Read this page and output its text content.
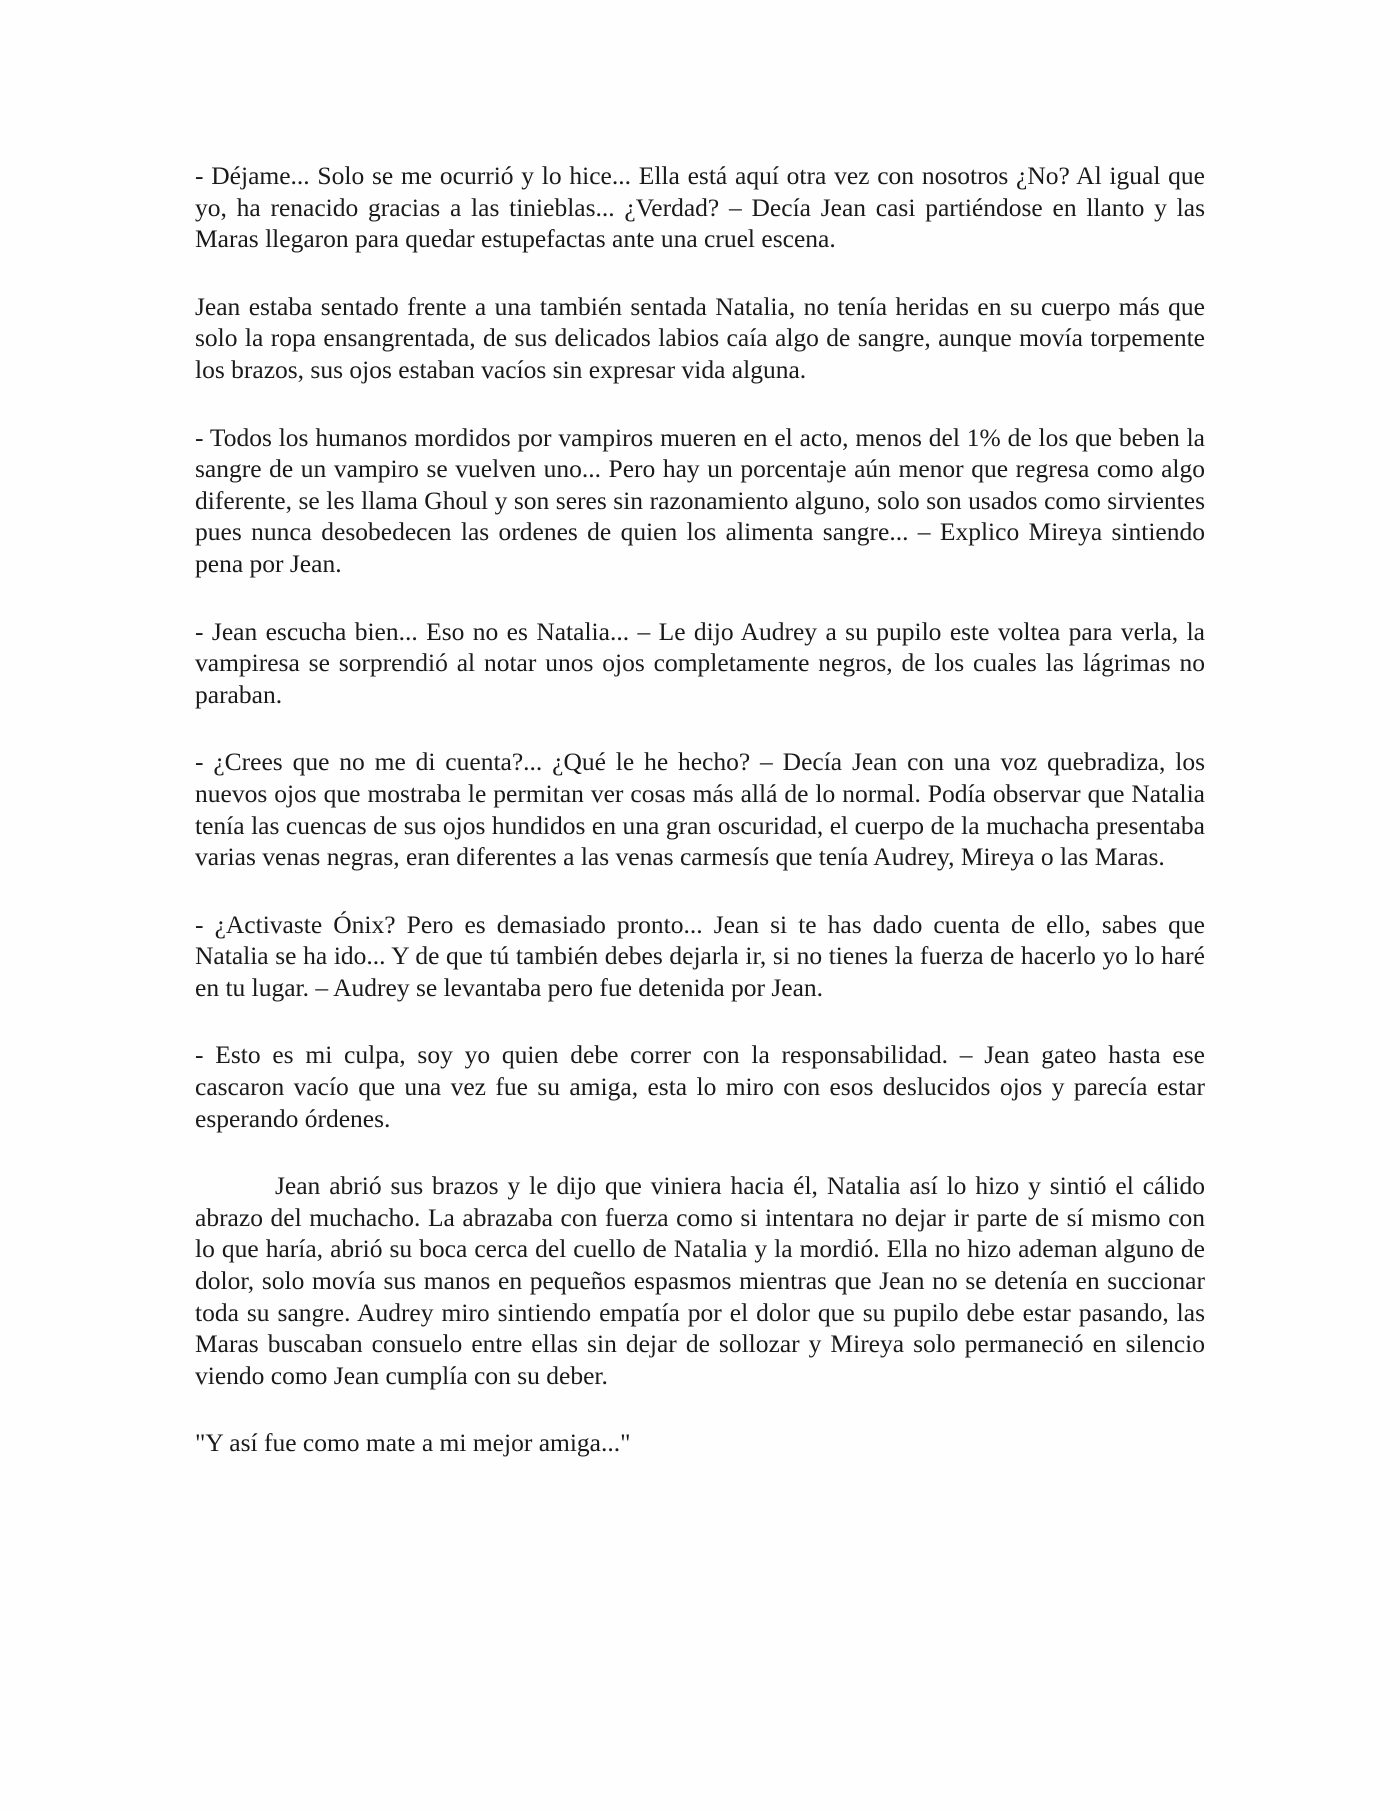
- Déjame... Solo se me ocurrió y lo hice... Ella está aquí otra vez con nosotros ¿No? Al igual que yo, ha renacido gracias a las tinieblas... ¿Verdad? – Decía Jean casi partiéndose en llanto y las Maras llegaron para quedar estupefactas ante una cruel escena.

Jean estaba sentado frente a una también sentada Natalia, no tenía heridas en su cuerpo más que solo la ropa ensangrentada, de sus delicados labios caía algo de sangre, aunque movía torpemente los brazos, sus ojos estaban vacíos sin expresar vida alguna.

- Todos los humanos mordidos por vampiros mueren en el acto, menos del 1% de los que beben la sangre de un vampiro se vuelven uno... Pero hay un porcentaje aún menor que regresa como algo diferente, se les llama Ghoul y son seres sin razonamiento alguno, solo son usados como sirvientes pues nunca desobedecen las ordenes de quien los alimenta sangre... – Explico Mireya sintiendo pena por Jean.

- Jean escucha bien... Eso no es Natalia... – Le dijo Audrey a su pupilo este voltea para verla, la vampiresa se sorprendió al notar unos ojos completamente negros, de los cuales las lágrimas no paraban.

- ¿Crees que no me di cuenta?... ¿Qué le he hecho? – Decía Jean con una voz quebradiza, los nuevos ojos que mostraba le permitan ver cosas más allá de lo normal. Podía observar que Natalia tenía las cuencas de sus ojos hundidos en una gran oscuridad, el cuerpo de la muchacha presentaba varias venas negras, eran diferentes a las venas carmesís que tenía Audrey, Mireya o las Maras.

- ¿Activaste Ónix? Pero es demasiado pronto... Jean si te has dado cuenta de ello, sabes que Natalia se ha ido... Y de que tú también debes dejarla ir, si no tienes la fuerza de hacerlo yo lo haré en tu lugar. – Audrey se levantaba pero fue detenida por Jean.

- Esto es mi culpa, soy yo quien debe correr con la responsabilidad. – Jean gateo hasta ese cascaron vacío que una vez fue su amiga, esta lo miro con esos deslucidos ojos y parecía estar esperando órdenes.

Jean abrió sus brazos y le dijo que viniera hacia él, Natalia así lo hizo y sintió el cálido abrazo del muchacho. La abrazaba con fuerza como si intentara no dejar ir parte de sí mismo con lo que haría, abrió su boca cerca del cuello de Natalia y la mordió. Ella no hizo ademan alguno de dolor, solo movía sus manos en pequeños espasmos mientras que Jean no se detenía en succionar toda su sangre. Audrey miro sintiendo empatía por el dolor que su pupilo debe estar pasando, las Maras buscaban consuelo entre ellas sin dejar de sollozar y Mireya solo permaneció en silencio viendo como Jean cumplía con su deber.

"Y así fue como mate a mi mejor amiga..."
